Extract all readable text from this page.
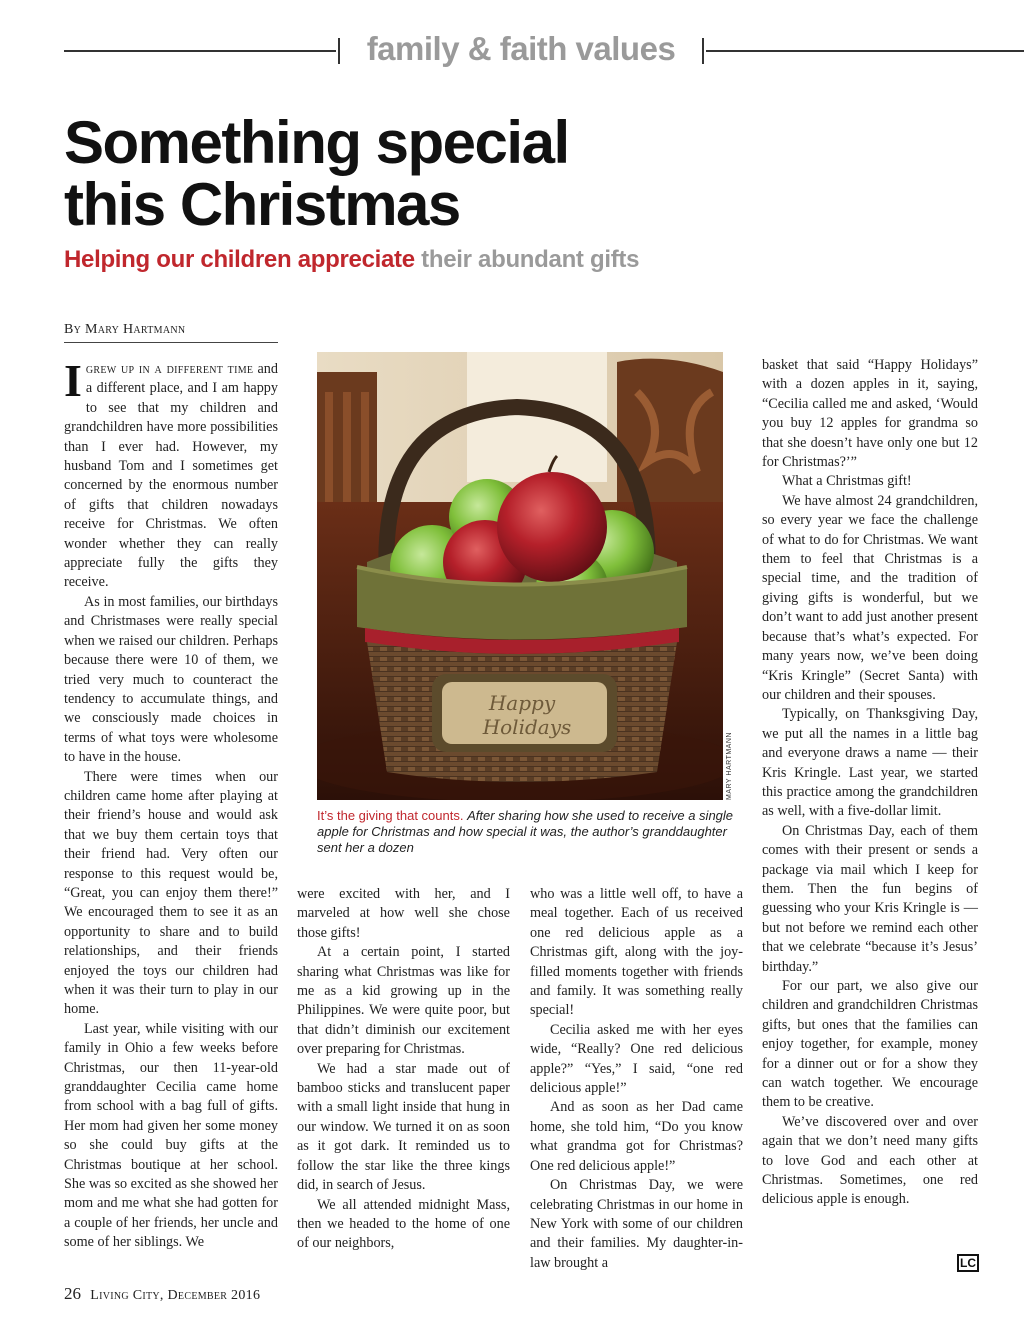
family & faith values
Something special
this Christmas
Helping our children appreciate their abundant gifts
By Mary Hartmann

Igrew up in a different time and a different place, and I am happy to see that my children and grandchildren have more possibilities than I ever had. However, my husband Tom and I sometimes get concerned by the enormous number of gifts that children nowadays receive for Christmas. We often wonder whether they can really appreciate fully the gifts they receive.

As in most families, our birthdays and Christmases were really special when we raised our children. Perhaps because there were 10 of them, we tried very much to counteract the tendency to accumulate things, and we consciously made choices in terms of what toys were wholesome to have in the house.

There were times when our children came home after playing at their friend’s house and would ask that we buy them certain toys that their friend had. Very often our response to this request would be, “Great, you can enjoy them there!” We encouraged them to see it as an opportunity to share and to build relationships, and their friends enjoyed the toys our children had when it was their turn to play in our home.

Last year, while visiting with our family in Ohio a few weeks before Christmas, our then 11-year-old granddaughter Cecilia came home from school with a bag full of gifts. Her mom had given her some money so she could buy gifts at the Christmas boutique at her school. She was so excited as she showed her mom and me what she had gotten for a couple of her friends, her uncle and some of her siblings. We

Happy
Holidays
MARY HARTMANN
It’s the giving that counts. After sharing how she used to receive a single apple for Christmas and how special it was, the author’s granddaughter sent her a dozen

were excited with her, and I marveled at how well she chose those gifts!

At a certain point, I started sharing what Christmas was like for me as a kid growing up in the Philippines. We were quite poor, but that didn’t diminish our excitement over preparing for Christmas.

We had a star made out of bamboo sticks and translucent paper with a small light inside that hung in our window. We turned it on as soon as it got dark. It reminded us to follow the star like the three kings did, in search of Jesus.

We all attended midnight Mass, then we headed to the home of one of our neighbors,

who was a little well off, to have a meal together. Each of us received one red delicious apple as a Christmas gift, along with the joy-filled moments together with friends and family. It was something really special!

Cecilia asked me with her eyes wide, “Really? One red delicious apple?” “Yes,” I said, “one red delicious apple!”

And as soon as her Dad came home, she told him, “Do you know what grandma got for Christmas? One red delicious apple!”

On Christmas Day, we were celebrating Christmas in our home in New York with some of our children and their families. My daughter-in-law brought a

basket that said “Happy Holidays” with a dozen apples in it, saying, “Cecilia called me and asked, ‘Would you buy 12 apples for grandma so that she doesn’t have only one but 12 for Christmas?’”

What a Christmas gift!

We have almost 24 grandchildren, so every year we face the challenge of what to do for Christmas. We want them to feel that Christmas is a special time, and the tradition of giving gifts is wonderful, but we don’t want to add just another present because that’s what’s expected. For many years now, we’ve been doing “Kris Kringle” (Secret Santa) with our children and their spouses.

Typically, on Thanksgiving Day, we put all the names in a little bag and everyone draws a name — their Kris Kringle. Last year, we started this practice among the grandchildren as well, with a five-dollar limit.

On Christmas Day, each of them comes with their present or sends a package via mail which I keep for them. Then the fun begins of guessing who your Kris Kringle is — but not before we remind each other that we celebrate “because it’s Jesus’ birthday.”

For our part, we also give our children and grandchildren Christmas gifts, but ones that the families can enjoy together, for example, money for a dinner out or for a show they can watch together. We encourage them to be creative.

We’ve discovered over and over again that we don’t need many gifts to love God and each other at Christmas. Sometimes, one red delicious apple is enough.

LC
26 Living City, December 2016
